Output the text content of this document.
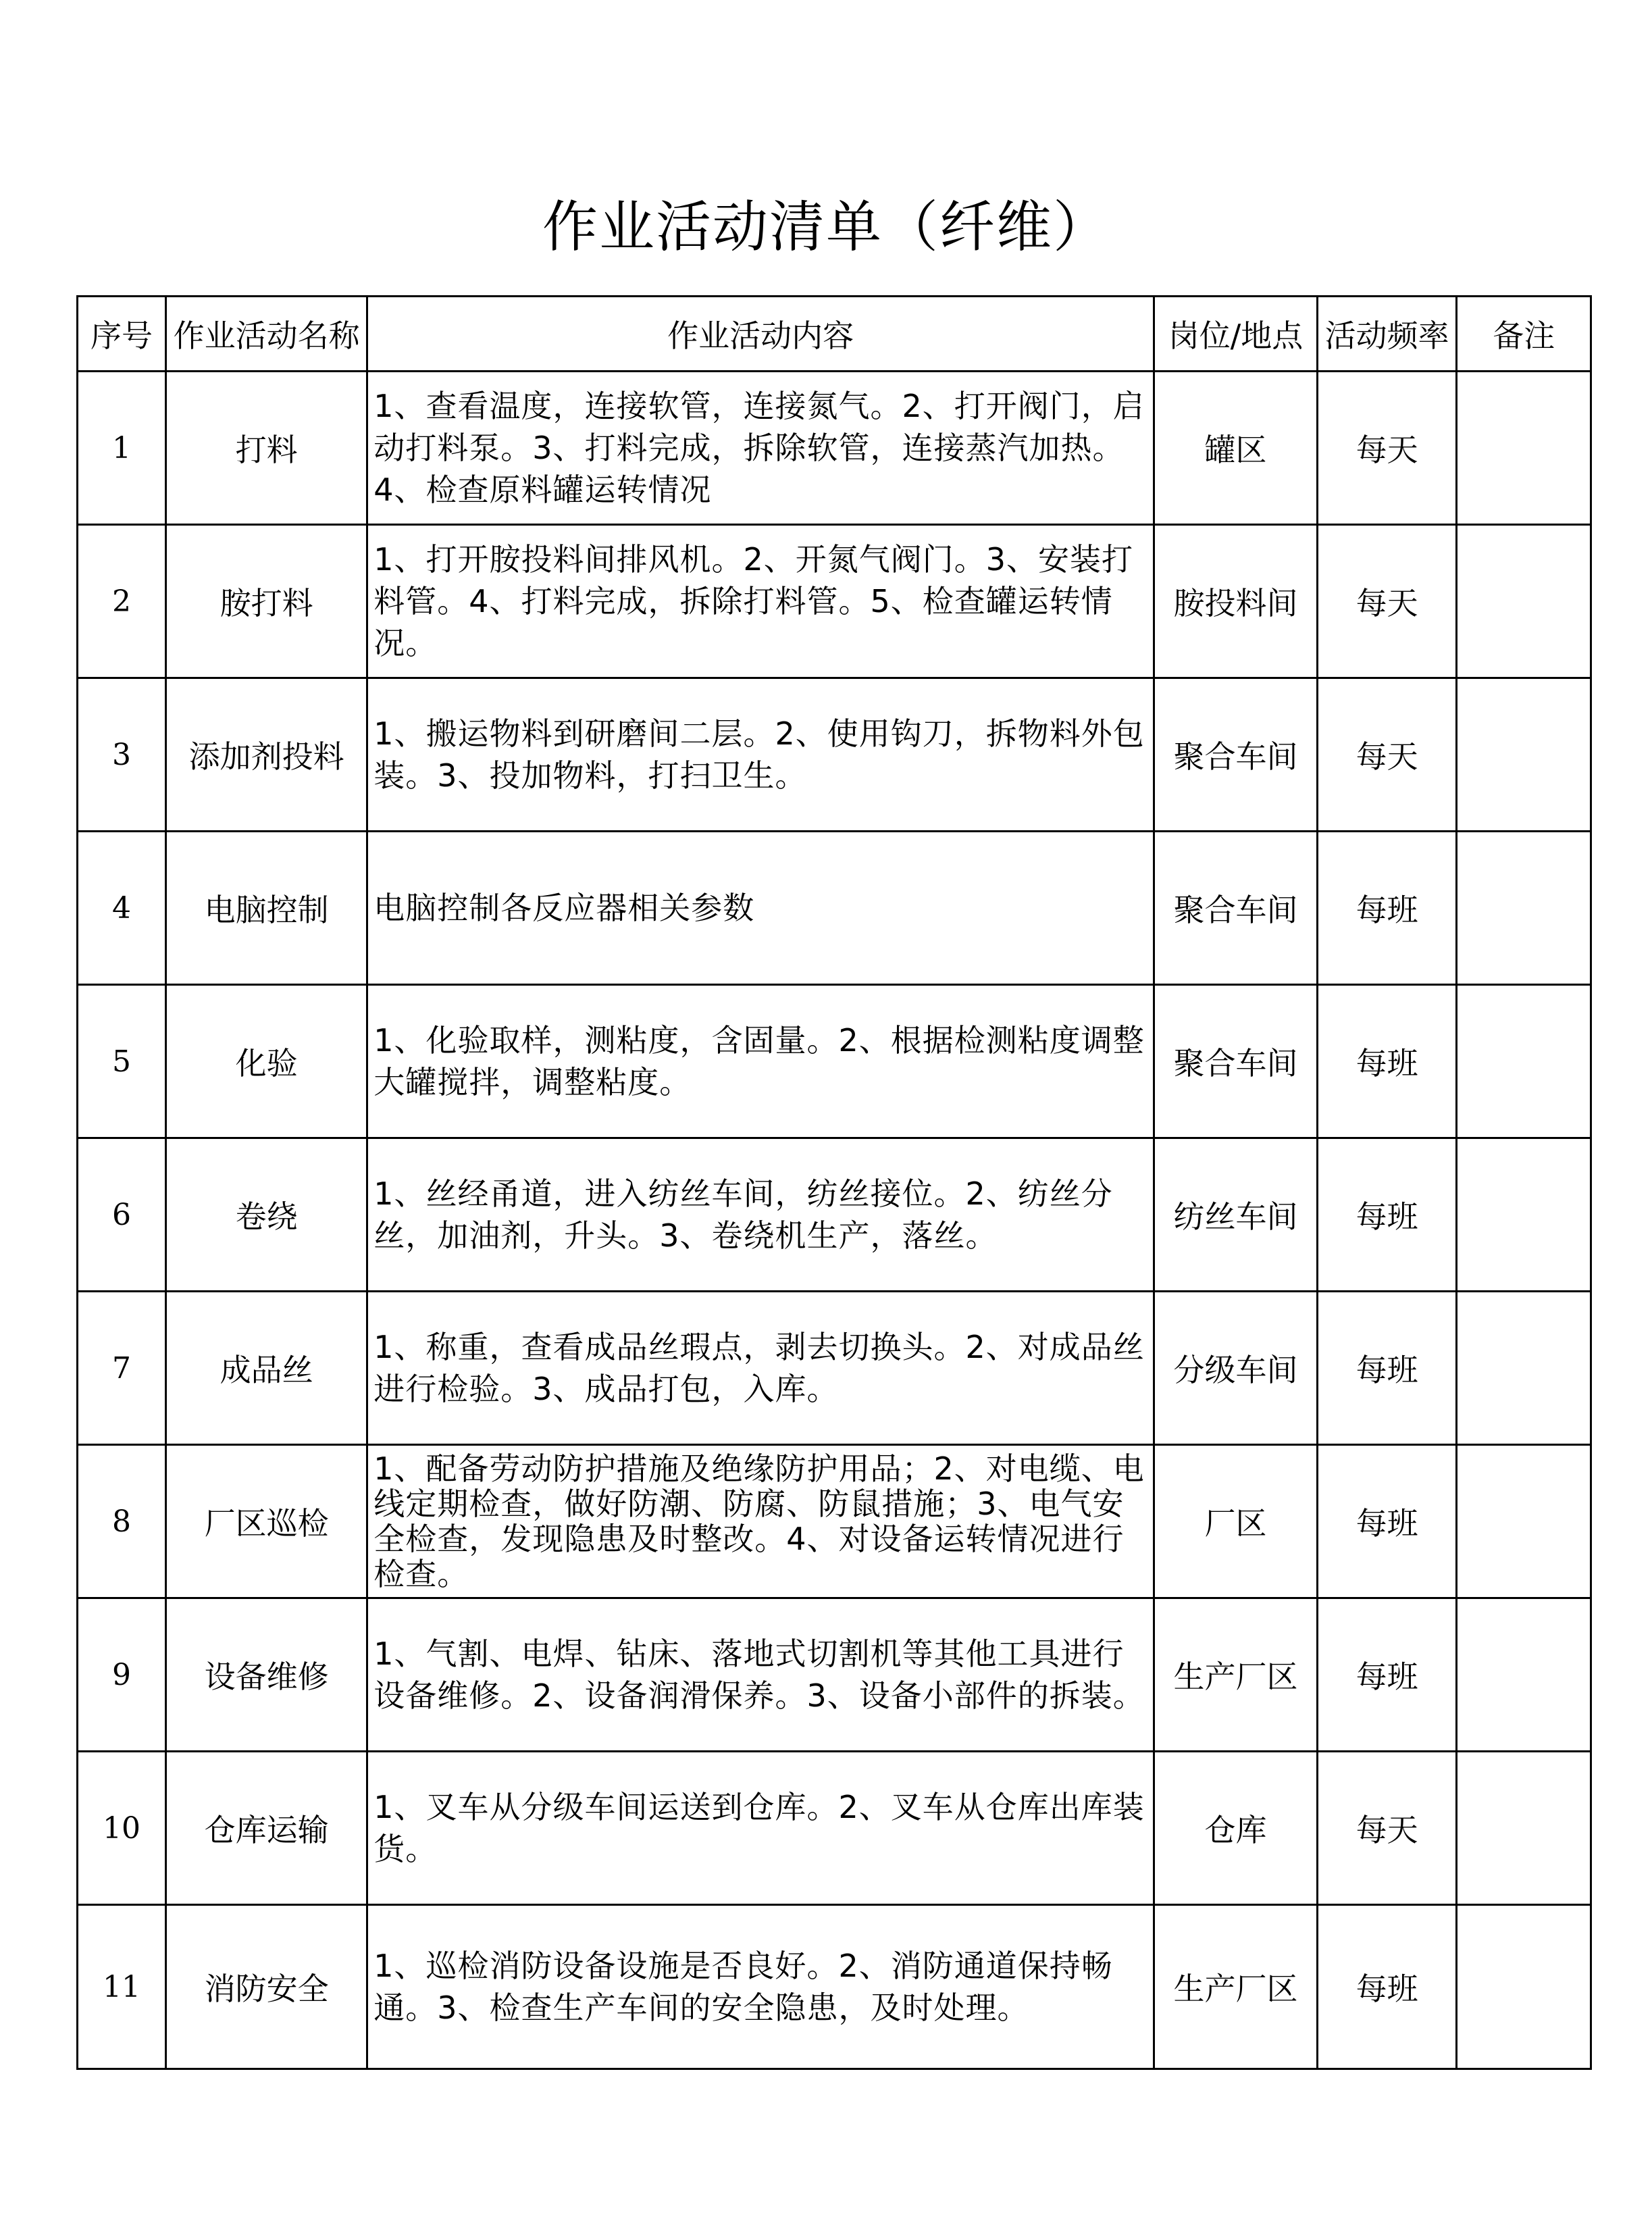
作业活动清单（纤维）
序号	作业活动名称	作业活动内容	岗位/地点	活动频率	备注
1	打料	1、查看温度，连接软管，连接氮气。2、打开阀门，启动打料泵。3、打料完成，拆除软管，连接蒸汽加热。4、检查原料罐运转情况	罐区	每天	
2	胺打料	1、打开胺投料间排风机。2、开氮气阀门。3、安装打料管。4、打料完成，拆除打料管。5、检查罐运转情况。	胺投料间	每天	
3	添加剂投料	1、搬运物料到研磨间二层。2、使用钩刀，拆物料外包装。3、投加物料，打扫卫生。	聚合车间	每天	
4	电脑控制	电脑控制各反应器相关参数	聚合车间	每班	
5	化验	1、化验取样，测粘度，含固量。2、根据检测粘度调整大罐搅拌，调整粘度。	聚合车间	每班	
6	卷绕	1、丝经甬道，进入纺丝车间，纺丝接位。2、纺丝分丝，加油剂，升头。3、卷绕机生产，落丝。	纺丝车间	每班	
7	成品丝	1、称重，查看成品丝瑕点，剥去切换头。2、对成品丝进行检验。3、成品打包，入库。	分级车间	每班	
8	厂区巡检	1、配备劳动防护措施及绝缘防护用品；2、对电缆、电线定期检查，做好防潮、防腐、防鼠措施；3、电气安全检查，发现隐患及时整改。4、对设备运转情况进行检查。	厂区	每班	
9	设备维修	1、气割、电焊、钻床、落地式切割机等其他工具进行设备维修。2、设备润滑保养。3、设备小部件的拆装。	生产厂区	每班	
10	仓库运输	1、叉车从分级车间运送到仓库。2、叉车从仓库出库装货。	仓库	每天	
11	消防安全	1、巡检消防设备设施是否良好。2、消防通道保持畅通。3、检查生产车间的安全隐患，及时处理。	生产厂区	每班	
